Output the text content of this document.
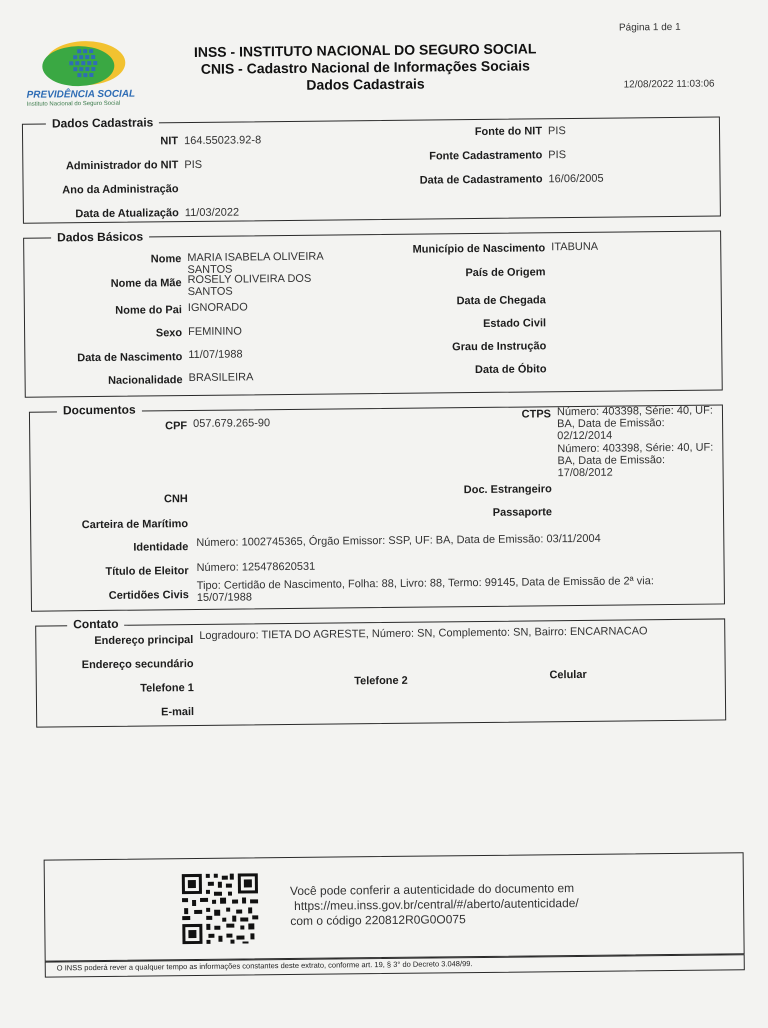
Página 1 de 1
PREVIDÊNCIA SOCIAL
Instituto Nacional do Seguro Social
INSS - INSTITUTO NACIONAL DO SEGURO SOCIAL
CNIS - Cadastro Nacional de Informações Sociais
Dados Cadastrais	12/08/2022 11:03:06
Dados Cadastrais
NIT 164.55023.92-8
Administrador do NIT PIS
Ano da Administração
Data de Atualização 11/03/2022
Fonte do NIT PIS
Fonte Cadastramento PIS
Data de Cadastramento 16/06/2005
Dados Básicos
Nome MARIA ISABELA OLIVEIRA SANTOS
Nome da Mãe ROSELY OLIVEIRA DOS SANTOS
Nome do Pai IGNORADO
Sexo FEMININO
Data de Nascimento 11/07/1988
Nacionalidade BRASILEIRA
Município de Nascimento ITABUNA
País de Origem
Data de Chegada
Estado Civil
Grau de Instrução
Data de Óbito
Documentos
CPF 057.679.265-90
CTPS Número: 403398, Série: 40, UF: BA, Data de Emissão: 02/12/2014
Número: 403398, Série: 40, UF: BA, Data de Emissão: 17/08/2012
CNH
Doc. Estrangeiro
Carteira de Marítimo
Passaporte
Identidade Número: 1002745365, Órgão Emissor: SSP, UF: BA, Data de Emissão: 03/11/2004
Título de Eleitor Número: 125478620531
Certidões Civis
Tipo: Certidão de Nascimento, Folha: 88, Livro: 88, Termo: 99145, Data de Emissão de 2ª via: 15/07/1988
Contato
Endereço principal Logradouro: TIETA DO AGRESTE, Número: SN, Complemento: SN, Bairro: ENCARNACAO
Endereço secundário
Telefone 1
Telefone 2	Celular
E-mail
Você pode conferir a autenticidade do documento em
https://meu.inss.gov.br/central/#/aberto/autenticidade/
com o código 220812R0G0O075
O INSS poderá rever a qualquer tempo as informações constantes deste extrato, conforme art. 19, § 3° do Decreto 3.048/99.
